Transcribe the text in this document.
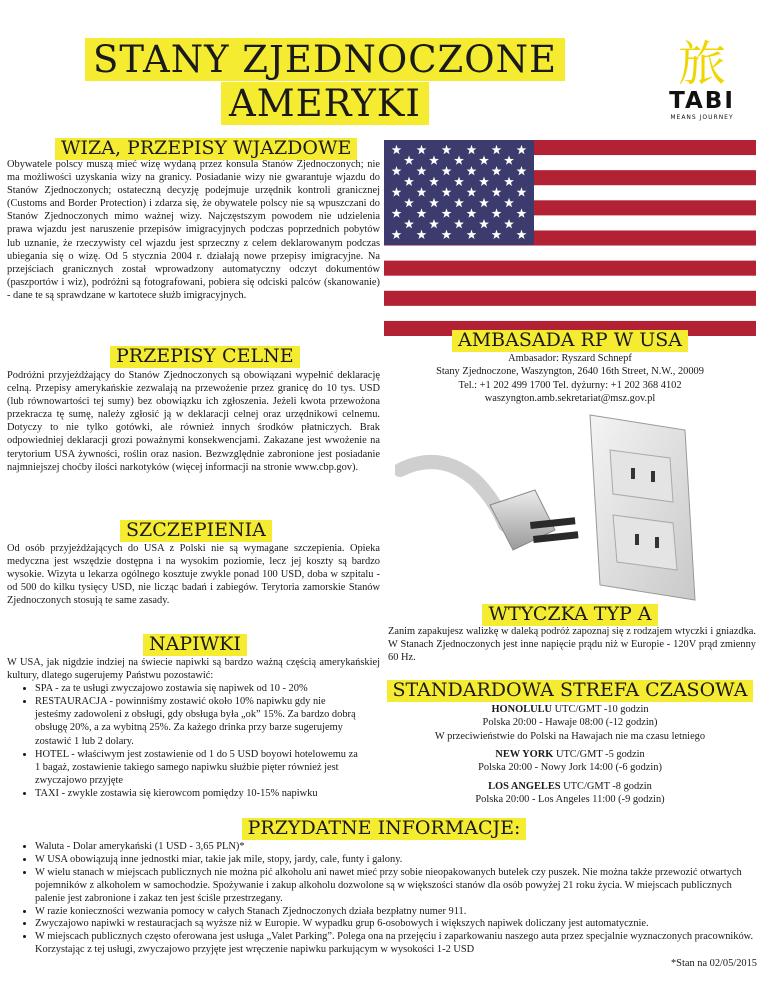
STANY ZJEDNOCZONE
AMERYKI
旅
TABI
MEANS JOURNEY
WIZA, PRZEPISY WJAZDOWE

Obywatele polscy muszą mieć wizę wydaną przez konsula Stanów Zjednoczonych; nie ma możliwości uzyskania wizy na granicy. Posiadanie wizy nie gwarantuje wjazdu do Stanów Zjednoczonych; ostateczną decyzję podejmuje urzędnik kontroli granicznej (Customs and Border Protection) i zdarza się, że obywatele polscy nie są wpuszczani do Stanów Zjednoczonych mimo ważnej wizy. Najczęstszym powodem nie udzielenia prawa wjazdu jest naruszenie przepisów imigracyjnych podczas poprzednich pobytów lub uznanie, że rzeczywisty cel wjazdu jest sprzeczny z celem deklarowanym podczas ubiegania się o wizę. Od 5 stycznia 2004 r. działają nowe przepisy imigracyjne. Na przejściach granicznych został wprowadzony automatyczny odczyt dokumentów (paszportów i wiz), podróżni są fotografowani, pobiera się odciski palców (skanowanie) - dane te są sprawdzane w kartotece służb imigracyjnych.

AMBASADA RP W USA
Ambasador: Ryszard Schnepf
Stany Zjednoczone, Waszyngton, 2640 16th Street, N.W., 20009
Tel.: +1 202 499 1700 Tel. dyżurny: +1 202 368 4102
waszyngton.amb.sekretariat@msz.gov.pl
PRZEPISY CELNE

Podróżni przyjeżdżający do Stanów Zjednoczonych są obowiązani wypełnić deklarację celną. Przepisy amerykańskie zezwalają na przewożenie przez granicę do 10 tys. USD (lub równowartości tej sumy) bez obowiązku ich zgłoszenia. Jeżeli kwota przewożona przekracza tę sumę, należy zgłosić ją w deklaracji celnej oraz urzędnikowi celnemu. Dotyczy to nie tylko gotówki, ale również innych środków płatniczych. Brak odpowiedniej deklaracji grozi poważnymi konsekwencjami. Zakazane jest wwożenie na terytorium USA żywności, roślin oraz nasion. Bezwzględnie zabronione jest posiadanie najmniejszej choćby ilości narkotyków (więcej informacji na stronie www.cbp.gov).

SZCZEPIENIA

Od osób przyjeżdżających do USA z Polski nie są wymagane szczepienia. Opieka medyczna jest wszędzie dostępna i na wysokim poziomie, lecz jej koszty są bardzo wysokie. Wizyta u lekarza ogólnego kosztuje zwykle ponad 100 USD, doba w szpitalu - od 500 do kilku tysięcy USD, nie licząc badań i zabiegów. Terytoria zamorskie Stanów Zjednoczonych stosują te same zasady.

WTYCZKA TYP A

Zanim zapakujesz walizkę w daleką podróż zapoznaj się z rodzajem wtyczki i gniazdka. W Stanach Zjednoczonych jest inne napięcie prądu niż w Europie - 120V prąd zmienny 60 Hz.

NAPIWKI

W USA, jak nigdzie indziej na świecie napiwki są bardzo ważną częścią amerykańskiej kultury, dlatego sugerujemy Państwu pozostawić:

• SPA - za te usługi zwyczajowo zostawia się napiwek od 10 - 20%
• RESTAURACJA - powinniśmy zostawić około 10% napiwku gdy nie jesteśmy zadowoleni z obsługi, gdy obsługa była „ok” 15%. Za bardzo dobrą obsługę 20%, a za wybitną 25%. Za każego drinka przy barze sugerujemy zostawić 1 lub 2 dolary.
• HOTEL - właściwym jest zostawienie od 1 do 5 USD boyowi hotelowemu za 1 bagaż, zostawienie takiego samego napiwku służbie pięter również jest zwyczajowo przyjęte
• TAXI - zwykle zostawia się kierowcom pomiędzy 10-15% napiwku
STANDARDOWA STREFA CZASOWA
HONOLULU UTC/GMT -10 godzin
Polska 20:00 - Hawaje 08:00 (-12 godzin)
W przeciwieństwie do Polski na Hawajach nie ma czasu letniego
NEW YORK UTC/GMT -5 godzin
Polska 20:00 - Nowy Jork 14:00 (-6 godzin)
LOS ANGELES UTC/GMT -8 godzin
Polska 20:00 - Los Angeles 11:00 (-9 godzin)
PRZYDATNE INFORMACJE:
• Waluta - Dolar amerykański (1 USD - 3,65 PLN)*
• W USA obowiązują inne jednostki miar, takie jak mile, stopy, jardy, cale, funty i galony.
• W wielu stanach w miejscach publicznych nie można pić alkoholu ani nawet mieć przy sobie nieopakowanych butelek czy puszek. Nie można także przewozić otwartych pojemników z alkoholem w samochodzie. Spożywanie i zakup alkoholu dozwolone są w większości stanów dla osób powyżej 21 roku życia. W miejscach publicznych palenie jest zabronione i zakaz ten jest ściśle przestrzegany.
• W razie konieczności wezwania pomocy w całych Stanach Zjednoczonych działa bezpłatny numer 911.
• Zwyczajowo napiwki w restauracjach są wyższe niż w Europie. W wypadku grup 6-osobowych i większych napiwek doliczany jest automatycznie.
• W miejscach publicznych często oferowana jest usługa „Valet Parking”. Polega ona na przejęciu i zaparkowaniu naszego auta przez specjalnie wyznaczonych pracowników. Korzystając z tej usługi, zwyczajowo przyjęte jest wręczenie napiwku parkującym w wysokości 1-2 USD
*Stan na 02/05/2015
